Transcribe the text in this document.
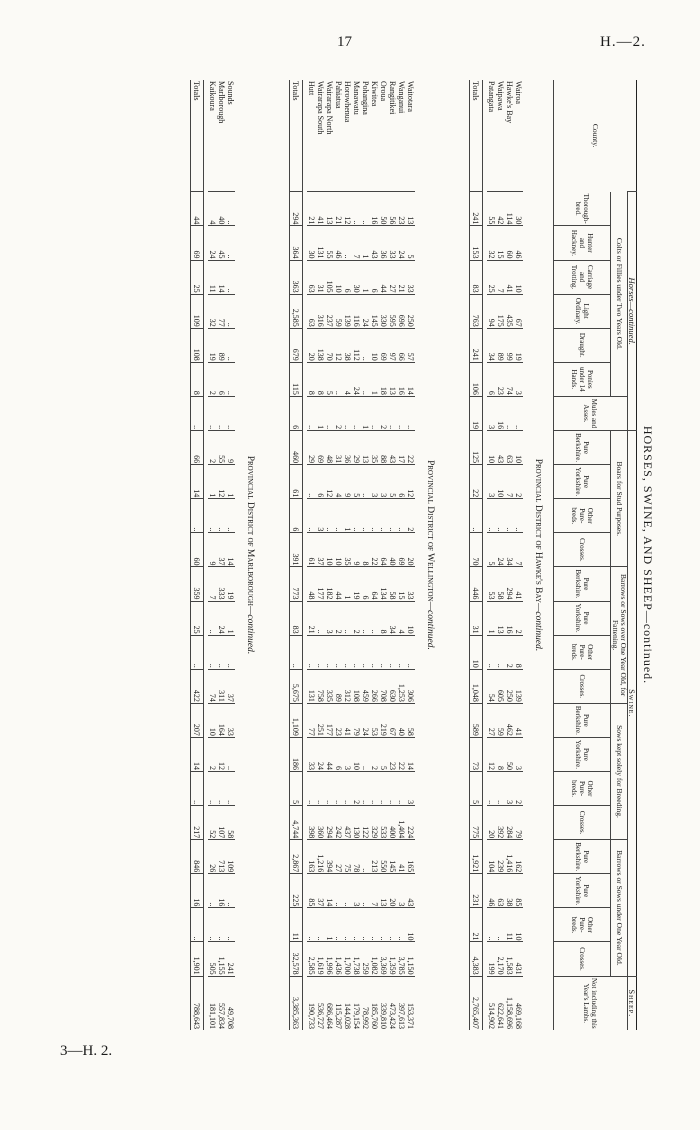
17	H.—2.
3—H. 2.
HORSES, SWINE, AND SHEEP—continued.
County.	Horses—continued.							Swine.																Sheep.
	Colts or Fillies under Two Years Old.						Mules and Asses.	Boars for Stud Purposes.				Barrows or Sows over One Year Old, for Fattening.				Sows kept solely for Breeding.				Barrows or Sows under One Year Old.				Not including this Year's Lambs.
	Thorough-bred.	Hunter and Hackney.	Carriage and Trotting.	Light Ordinary.	Draught.	Ponies under 14 Hands.		Pure Berkshire.	Pure Yorkshire.	Other Pure-breds.	Crosses.	Pure Berkshire.	Pure Yorkshire.	Other Pure-breds.	Crosses.	Pure Berkshire.	Pure Yorkshire.	Other Pure-breds.	Crosses.	Pure Berkshire.	Pure Yorkshire.	Other Pure-breds.	Crosses.	
Provincial District of Hawke's Bay—continued.																								
Wairoa	30	46	10	67	19	3	..	10	2	..	7	41	2	8	139	41	3	2	79	162	85	10	431	469,168
Hawke's Bay	114	60	41	435	99	74	..	63	7	..	34	294	16	2	250	462	50	3	284	1,416	38	11	1,583	1,158,696
Waipawa	42	15	7	175	89	23	16	43	10	..	24	58	13	..	605	59	8	..	392	239	63	..	2,170	622,641
Patangata	55	32	25	94	34	6	3	10	3	..	5	53	1	..	54	27	12	..	20	104	46	..	199	514,902

Totals	241	153	83	763	241	106	19	125	22	..	70	446	31	10	1,048	589	73	5	775	1,921	231	21	4,383	2,765,407

Provincial District of Wellington—continued.																								
Waitotara	13	5	33	250	57	14	..	22	12	2	20	33	10	..	306	58	14	3	224	165	43	10	1,150	153,371
Wanganui	23	24	21	696	66	16	..	17	6	..	69	15	4	..	1,253	40	22	..	1,404	41	3	..	3,785	397,613
Rangitikei	56	33	27	595	97	13	..	43	5	..	40	58	34	..	630	67	23	..	400	145	20	..	1,359	473,424
Oroua	50	36	44	330	69	18	2	88	3	..	64	134	8	..	708	219	5	..	533	550	13	..	3,369	339,810
Kiwitea	16	43	6	145	10	1	..	35	3	..	22	64	..	..	266	53	2	..	329	213	7	..	1,082	185,760
Pohangina	..	1	1	24	..	..	1	13	..	..	8	6	..	..	459	24	..	..	122	..	..	..	259	78,992
Manawatu	..	7	30	116	112	24	..	29	5	..	9	19	2	..	108	79	10	2	130	78	3	..	1,738	179,154
Horowhenua	12	..	6	139	38	4	..	36	9	1	35	1	..	..	312	41	3	..	437	75	..	..	1,700	144,028
Pahiatua	21	46	10	59	12	..	2	31	4	..	10	44	2	..	89	23	6	..	242	27	..	..	1,436	115,287
Wairarapa North	13	55	105	237	70	5	..	48	12	..	10	182	3	..	335	177	44	..	294	394	14	1	1,996	686,464
Wairarapa South	41	131	31	316	138	8	1	69	6	3	37	177	..	..	758	251	24	..	360	1,216	37	..	1,619	536,727
Hutt	21	30	63	63	20	8	..	29	..	..	61	48	21	..	131	77	33	..	398	163	85	..	2,585	190,733

Totals	294	364	363	2,585	679	115	6	460	61	6	391	773	83	..	5,675	1,109	186	5	4,744	2,867	225	11	32,578	3,385,363

Provincial District of Marlborough—continued.																								
Sounds	..	..	..	..	..	..	..	9	1	..	14	19	1	..	37	33	..	..	58	109	..	..	241	49,708
Marlborough	40	45	14	77	89	6	..	55	12	..	37	333	24	..	311	164	12	..	107	713	16	..	1,155	557,834
Kaikoura	4	24	11	32	19	2	..	2	1	..	9	7	..	..	74	10	2	..	52	26	..	..	505	181,101

Totals	44	69	25	109	108	8	..	66	14	..	60	359	25	..	422	207	14	..	217	846	16	..	1,901	788,643
